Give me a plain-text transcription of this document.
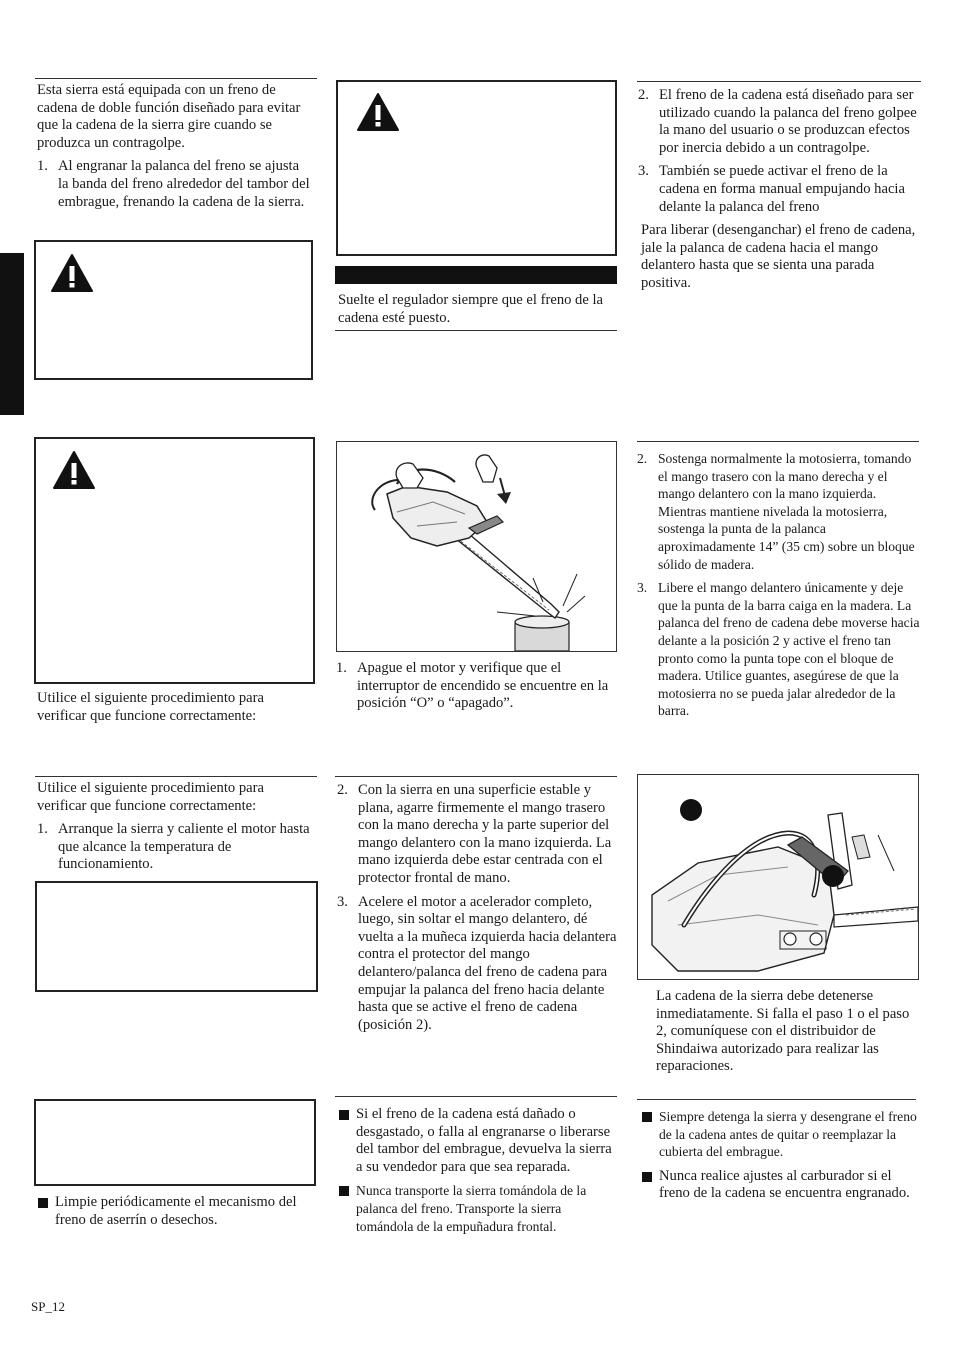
Esta sierra está equipada con un freno de cadena de doble función diseñado para evitar que la cadena de la sierra gire cuando se produzca un contragolpe.

1. Al engranar la palanca del freno se ajusta la banda del freno alrededor del tambor del embrague, frenando la cadena de la sierra.

Suelte el regulador siempre que el freno de la cadena esté puesto.

2. El freno de la cadena está diseñado para ser utilizado cuando la palanca del freno golpee la mano del usuario o se produzcan efectos por inercia debido a un contragolpe.

3. También se puede activar el freno de la cadena en forma manual empujando hacia delante la palanca del freno

Para liberar (desenganchar) el freno de cadena, jale la palanca de cadena hacia el mango delantero hasta que se sienta una parada positiva.

Utilice el siguiente procedimiento para verificar que funcione correctamente:

1. Apague el motor y verifique que el interruptor de encendido se encuentre en la posición “O” o “apagado”.

2. Sostenga normalmente la motosierra, tomando el mango trasero con la mano derecha y el mango delantero con la mano izquierda. Mientras mantiene nivelada la motosierra, sostenga la punta de la palanca aproximadamente 14” (35 cm) sobre un bloque sólido de madera.

3. Libere el mango delantero únicamente y deje que la punta de la barra caiga en la madera. La palanca del freno de cadena debe moverse hacia delante a la posición 2 y active el freno tan pronto como la punta tope con el bloque de madera. Utilice guantes, asegúrese de que la motosierra no se pueda jalar alrededor de la barra.

Utilice el siguiente procedimiento para verificar que funcione correctamente:

1. Arranque la sierra y caliente el motor hasta que alcance la temperatura de funcionamiento.

2. Con la sierra en una superficie estable y plana, agarre firmemente el mango trasero con la mano derecha y la parte superior del mango delantero con la mano izquierda. La mano izquierda debe estar centrada con el protector frontal de mano.

3. Acelere el motor a acelerador completo, luego, sin soltar el mango delantero, dé vuelta a la muñeca izquierda hacia delantera contra el protector del mango delantero/palanca del freno de cadena para empujar la palanca del freno hacia delante hasta que se active el freno de cadena (posición 2).

La cadena de la sierra debe detenerse inmediatamente. Si falla el paso 1 o el paso 2, comuníquese con el distribuidor de Shindaiwa autorizado para realizar las reparaciones.

Limpie periódicamente el mecanismo del freno de aserrín o desechos.

Si el freno de la cadena está dañado o desgastado, o falla al engranarse o liberarse del tambor del embrague, devuelva la sierra a su vendedor para que sea reparada.

Nunca transporte la sierra tomándola de la palanca del freno. Transporte la sierra tomándola de la empuñadura frontal.

Siempre detenga la sierra y desengrane el freno de la cadena antes de quitar o reemplazar la cubierta del embrague.

Nunca realice ajustes al carburador si el freno de la cadena se encuentra engranado.

SP_12
